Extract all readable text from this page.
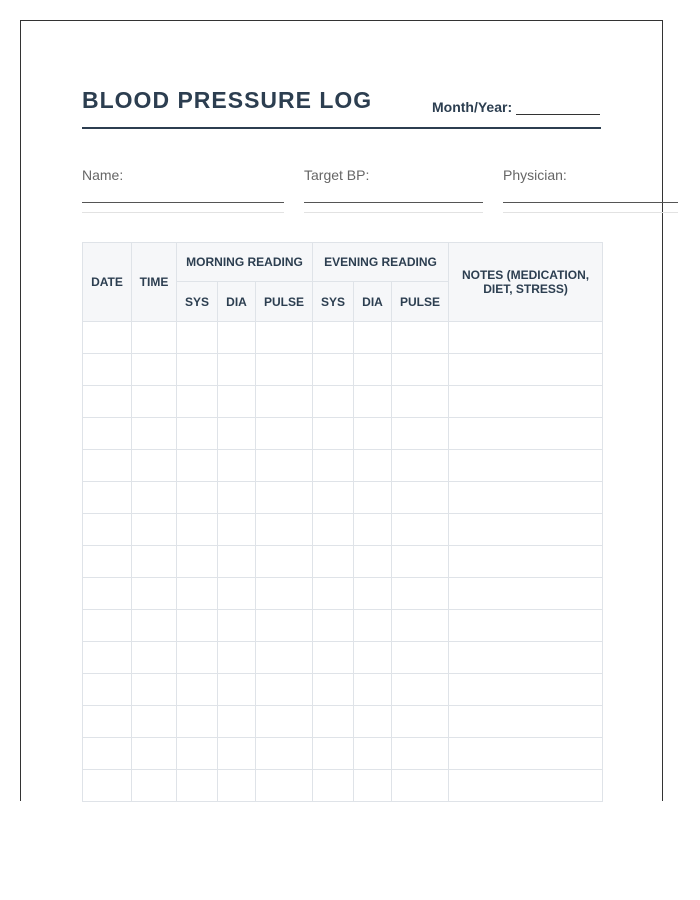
BLOOD PRESSURE LOG	Month/Year:
Name:	Target BP:	Physician:
DATE	TIME	MORNING READING			EVENING READING			NOTES (MEDICATION, DIET, STRESS)
		SYS	DIA	PULSE	SYS	DIA	PULSE	
